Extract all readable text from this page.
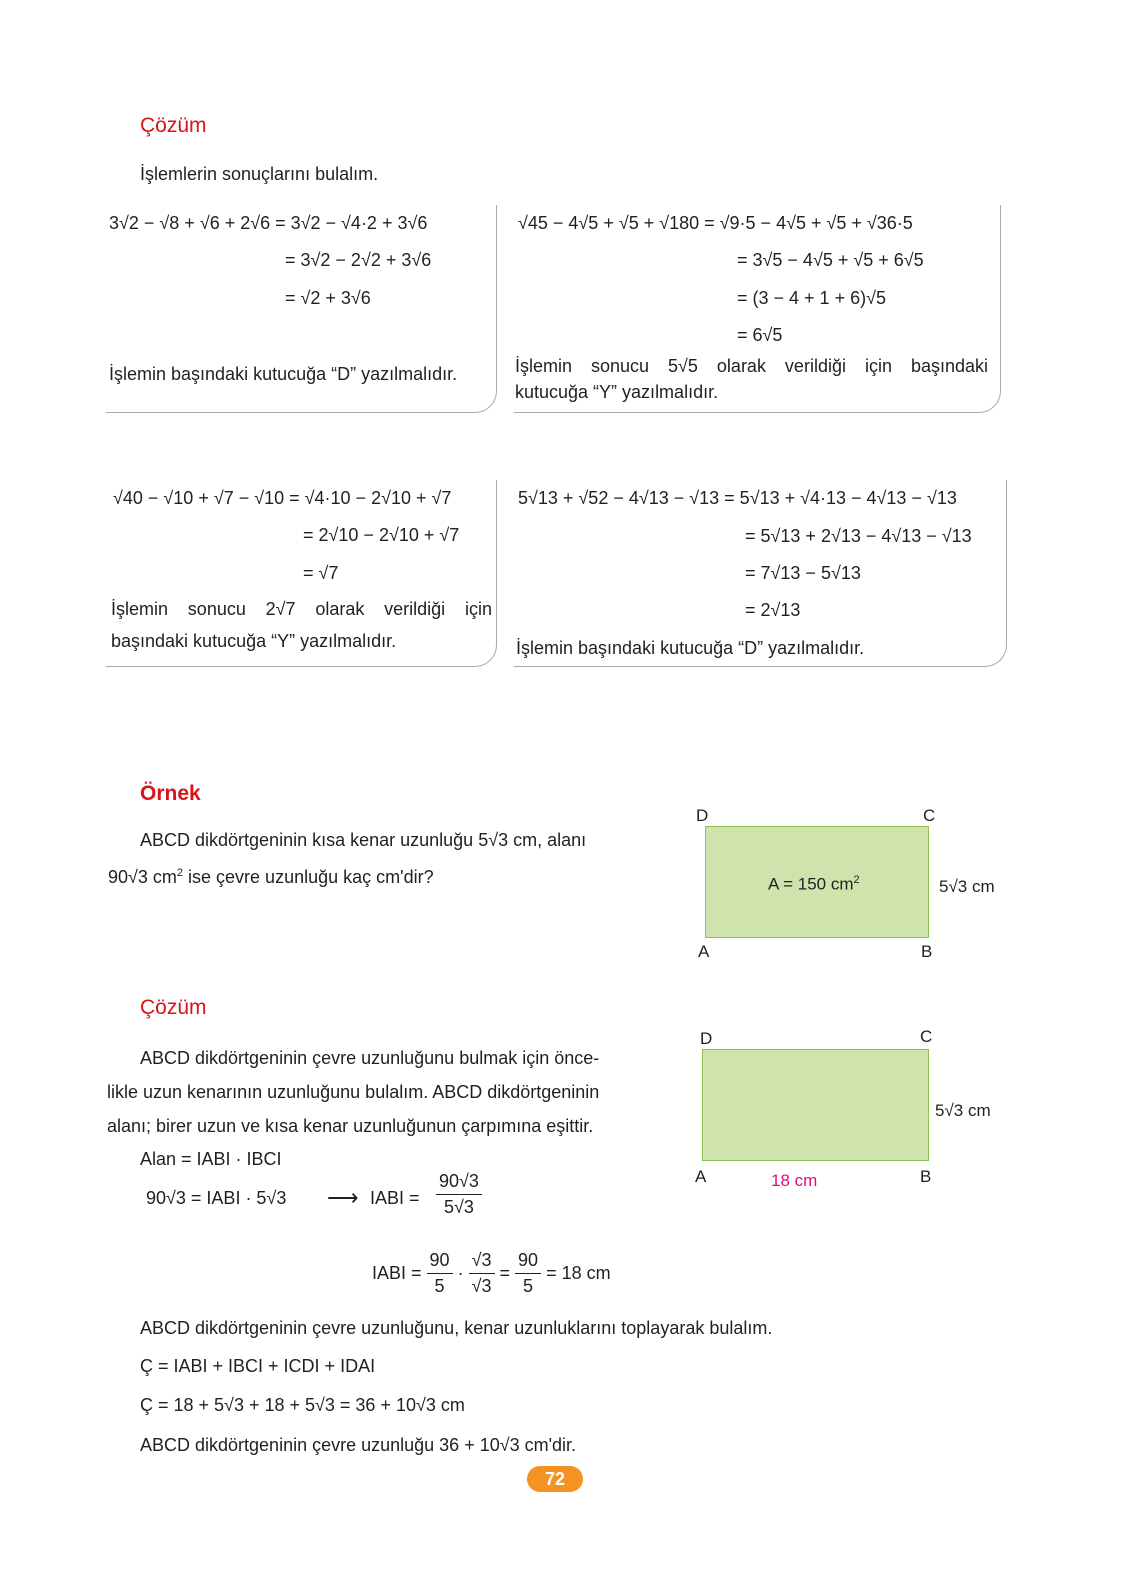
Çözüm
İşlemlerin sonuçlarını bulalım.
3√2 − √8 + √6 + 2√6 = 3√2 − √4·2 + 3√6
= 3√2 − 2√2 + 3√6
= √2 + 3√6
İşlemin başındaki kutucuğa “D” yazılmalıdır.
√45 − 4√5 + √5 + √180 = √9·5 − 4√5 + √5 + √36·5
= 3√5 − 4√5 + √5 + 6√5
= (3 − 4 + 1 + 6)√5
= 6√5
İşlemin sonucu 5√5 olarak verildiği için başındaki
kutucuğa “Y” yazılmalıdır.
√40 − √10 + √7 − √10 = √4·10 − 2√10 + √7
= 2√10 − 2√10 + √7
= √7
İşlemin sonucu 2√7 olarak verildiği için
başındaki kutucuğa “Y” yazılmalıdır.
5√13 + √52 − 4√13 − √13 = 5√13 + √4·13 − 4√13 − √13
= 5√13 + 2√13 − 4√13 − √13
= 7√13 − 5√13
= 2√13
İşlemin başındaki kutucuğa “D” yazılmalıdır.
Örnek
ABCD dikdörtgeninin kısa kenar uzunluğu 5√3 cm, alanı
90√3 $cm^2$ ise çevre uzunluğu kaç cm'dir?
D	C
A	B
A = 150 $cm^2$	5√3 cm
Çözüm
ABCD dikdörtgeninin çevre uzunluğunu bulmak için önce-
likle uzun kenarının uzunluğunu bulalım. ABCD dikdörtgeninin
alanı; birer uzun ve kısa kenar uzunluğunun çarpımına eşittir.
Alan = IABI · IBCI
90√3 = IABI · 5√3 ⟶ IABI = $\frac{90√3}{5√3}$
IABI = $\frac{90}{5} \cdot \frac{√3}{√3} = \frac{90}{5} = 18$ cm
ABCD dikdörtgeninin çevre uzunluğunu, kenar uzunluklarını toplayarak bulalım.
Ç = IABI + IBCI + ICDI + IDAI
Ç = 18 + 5√3 + 18 + 5√3 = 36 + 10√3 cm
ABCD dikdörtgeninin çevre uzunluğu 36 + 10√3 cm'dir.
D	C
A	B
5√3 cm
18 cm
72
